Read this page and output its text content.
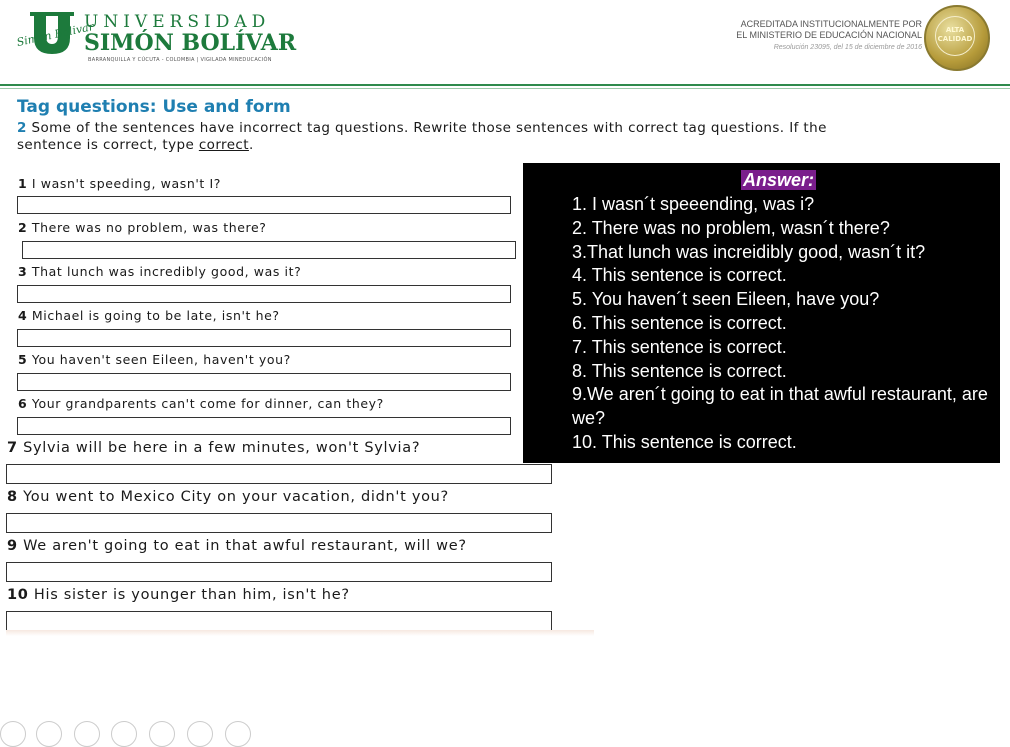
Simon Bolivar
UNIVERSIDAD
SIMÓN BOLÍVAR
BARRANQUILLA Y CÚCUTA - COLOMBIA | VIGILADA MINEDUCACIÓN
ACREDITADA INSTITUCIONALMENTE POR
EL MINISTERIO DE EDUCACIÓN NACIONAL
Resolución 23095, del 15 de diciembre de 2016
ALTA CALIDAD
Tag questions: Use and form
2 Some of the sentences have incorrect tag questions. Rewrite those sentences with correct tag questions. If the sentence is correct, type correct.
1 I wasn't speeding, wasn't I?
2 There was no problem, was there?
3 That lunch was incredibly good, was it?
4 Michael is going to be late, isn't he?
5 You haven't seen Eileen, haven't you?
6 Your grandparents can't come for dinner, can they?
7 Sylvia will be here in a few minutes, won't Sylvia?
8 You went to Mexico City on your vacation, didn't you?
9 We aren't going to eat in that awful restaurant, will we?
10 His sister is younger than him, isn't he?
Answer:
1. I wasn´t speeending, was i?
2. There was no problem, wasn´t there?
3.That lunch was increidibly good, wasn´t it?
4. This sentence is correct.
5. You haven´t seen Eileen, have you?
6. This sentence is correct.
7. This sentence is correct.
8. This sentence is correct.
9.We aren´t going to eat in that awful restaurant, are we?
10. This sentence is correct.
